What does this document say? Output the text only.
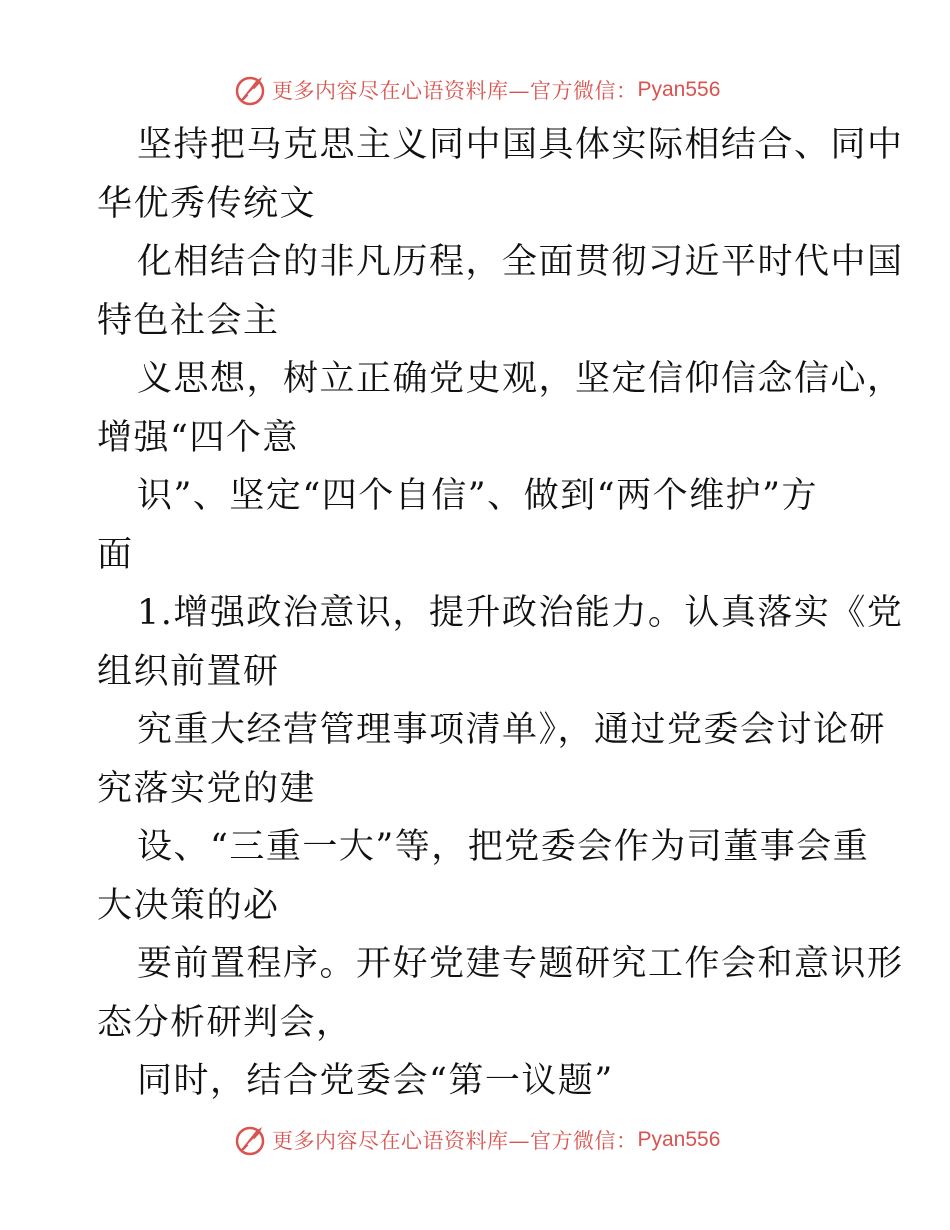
更多内容尽在心语资料库—官方微信： Pyan556
坚持把马克思主义同中国具体实际相结合、同中
华优秀传统文
化相结合的非凡历程，全面贯彻习近平时代中国
特色社会主
义思想，树立正确党史观，坚定信仰信念信心，
增强“四个意
识”、坚定“四个自信”、做到“两个维护”方
面
1.增强政治意识，提升政治能力。认真落实《党
组织前置研
究重大经营管理事项清单》，通过党委会讨论研
究落实党的建
设、“三重一大”等，把党委会作为司董事会重
大决策的必
要前置程序。开好党建专题研究工作会和意识形
态分析研判会，
同时，结合党委会“第一议题”
更多内容尽在心语资料库—官方微信： Pyan556
